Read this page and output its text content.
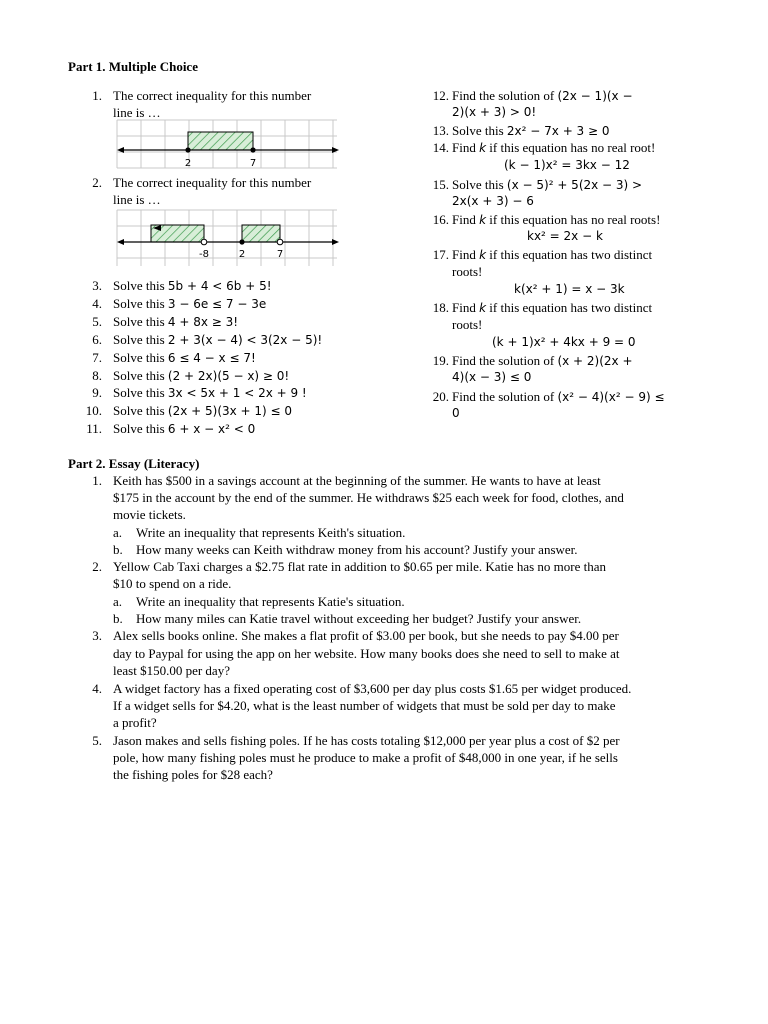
Part 1. Multiple Choice
1. The correct inequality for this number
line is …
2	7
2. The correct inequality for this number
line is …
-8	2	7
3. Solve this 5b + 4 < 6b + 5!
4. Solve this 3 − 6e ≤ 7 − 3e
5. Solve this 4 + 8x ≥ 3!
6. Solve this 2 + 3(x − 4) < 3(2x − 5)!
7. Solve this 6 ≤ 4 − x ≤ 7!
8. Solve this (2 + 2x)(5 − x) ≥ 0!
9. Solve this 3x < 5x + 1 < 2x + 9 !
10. Solve this (2x + 5)(3x + 1) ≤ 0
11. Solve this 6 + x − x² < 0
12. Find the solution of (2x − 1)(x −
2)(x + 3) > 0!
13. Solve this 2x² − 7x + 3 ≥ 0
14. Find k if this equation has no real root!
(k − 1)x² = 3kx − 12
15. Solve this (x − 5)² + 5(2x − 3) >
2x(x + 3) − 6
16. Find k if this equation has no real roots!
kx² = 2x − k
17. Find k if this equation has two distinct
roots!
k(x² + 1) = x − 3k
18. Find k if this equation has two distinct
roots!
(k + 1)x² + 4kx + 9 = 0
19. Find the solution of (x + 2)(2x +
4)(x − 3) ≤ 0
20. Find the solution of (x² − 4)(x² − 9) ≤
0
Part 2. Essay (Literacy)
1. Keith has $500 in a savings account at the beginning of the summer. He wants to have at least
$175 in the account by the end of the summer. He withdraws $25 each week for food, clothes, and
movie tickets.
a. Write an inequality that represents Keith's situation.
b. How many weeks can Keith withdraw money from his account? Justify your answer.
2. Yellow Cab Taxi charges a $2.75 flat rate in addition to $0.65 per mile. Katie has no more than
$10 to spend on a ride.
a. Write an inequality that represents Katie's situation.
b. How many miles can Katie travel without exceeding her budget? Justify your answer.
3. Alex sells books online. She makes a flat profit of $3.00 per book, but she needs to pay $4.00 per
day to Paypal for using the app on her website. How many books does she need to sell to make at
least $150.00 per day?
4. A widget factory has a fixed operating cost of $3,600 per day plus costs $1.65 per widget produced.
If a widget sells for $4.20, what is the least number of widgets that must be sold per day to make
a profit?
5. Jason makes and sells fishing poles. If he has costs totaling $12,000 per year plus a cost of $2 per
pole, how many fishing poles must he produce to make a profit of $48,000 in one year, if he sells
the fishing poles for $28 each?
